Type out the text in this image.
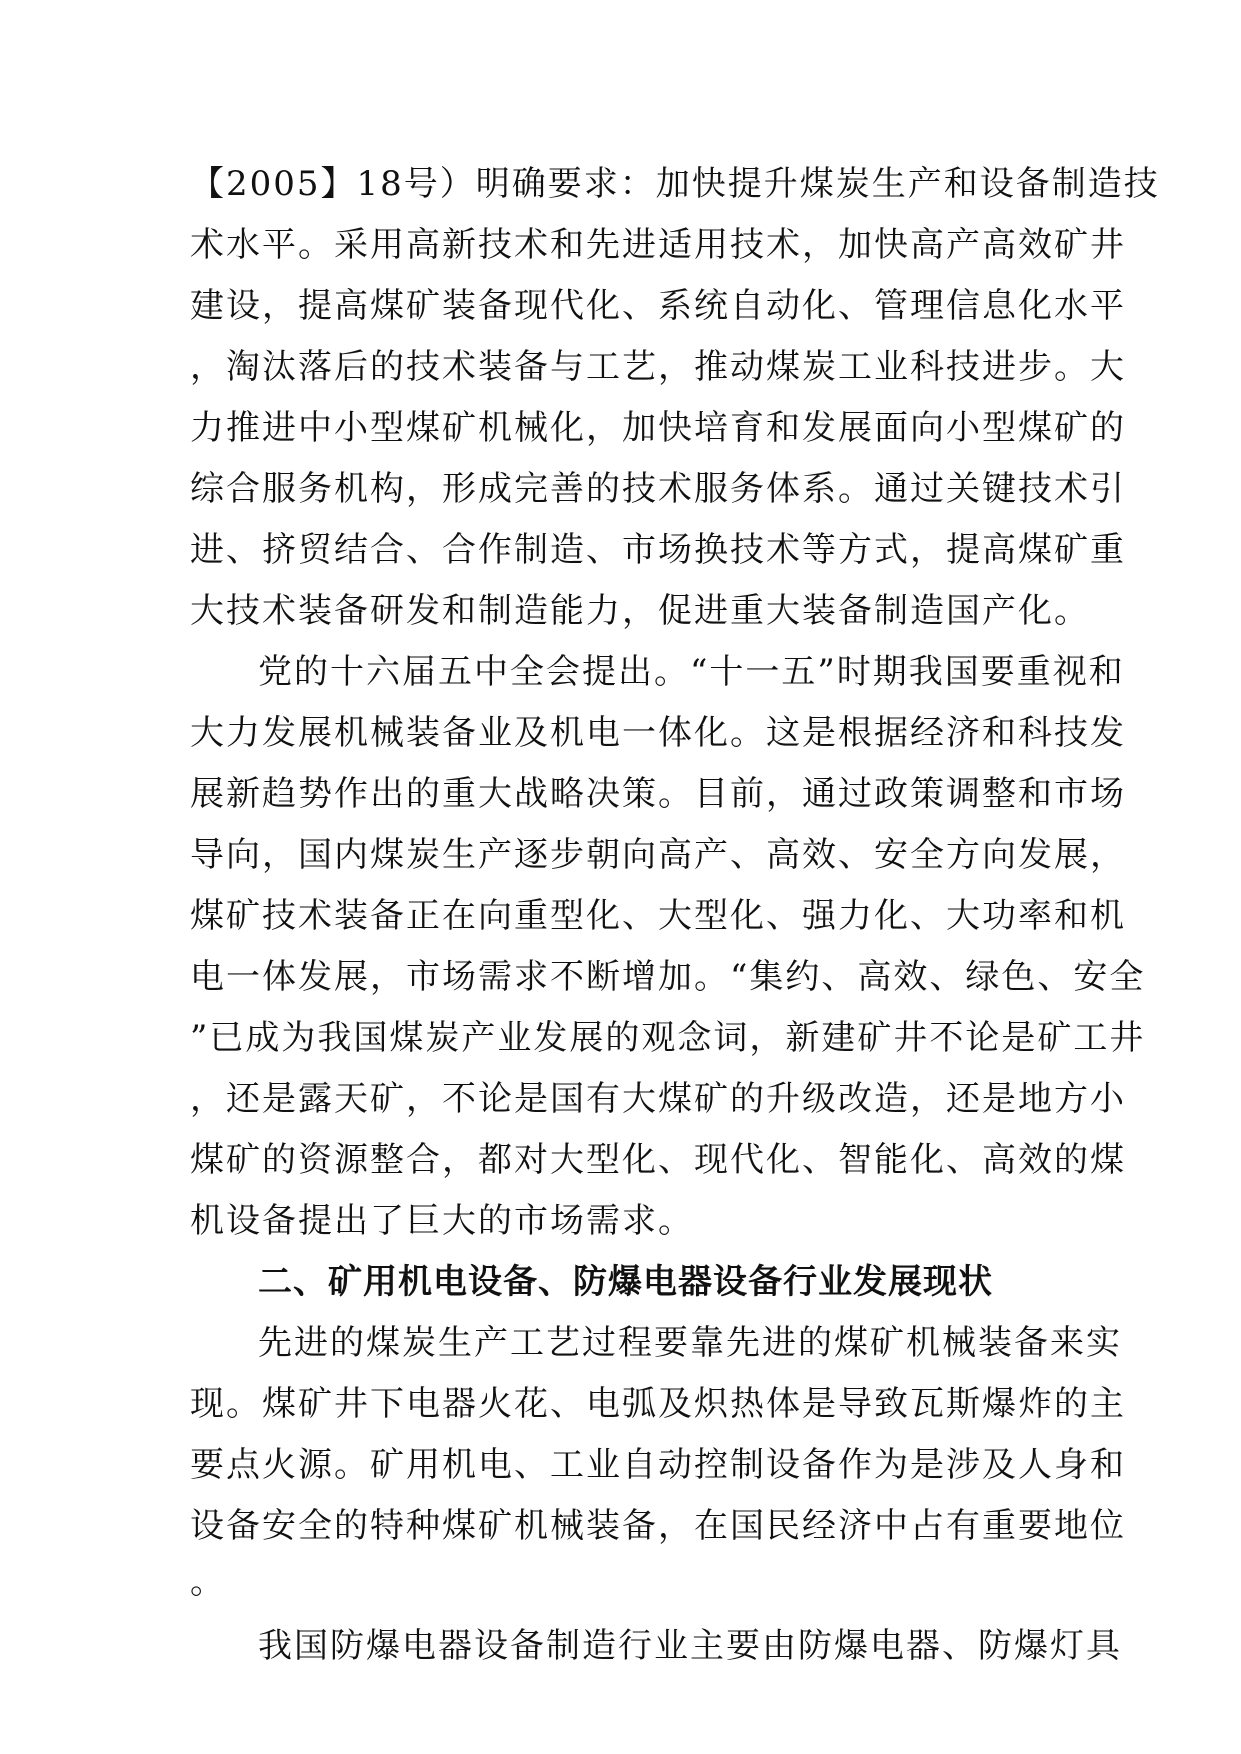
【2005】18号）明确要求：加快提升煤炭生产和设备制造技
术水平。采用高新技术和先进适用技术，加快高产高效矿井
建设，提高煤矿装备现代化、系统自动化、管理信息化水平
，淘汰落后的技术装备与工艺，推动煤炭工业科技进步。大
力推进中小型煤矿机械化，加快培育和发展面向小型煤矿的
综合服务机构，形成完善的技术服务体系。通过关键技术引
进、挤贸结合、合作制造、市场换技术等方式，提高煤矿重
大技术装备研发和制造能力，促进重大装备制造国产化。
党的十六届五中全会提出。“十一五”时期我国要重视和
大力发展机械装备业及机电一体化。这是根据经济和科技发
展新趋势作出的重大战略决策。目前，通过政策调整和市场
导向，国内煤炭生产逐步朝向高产、高效、安全方向发展，
煤矿技术装备正在向重型化、大型化、强力化、大功率和机
电一体发展，市场需求不断增加。“集约、高效、绿色、安全
”已成为我国煤炭产业发展的观念词，新建矿井不论是矿工井
，还是露天矿，不论是国有大煤矿的升级改造，还是地方小
煤矿的资源整合，都对大型化、现代化、智能化、高效的煤
机设备提出了巨大的市场需求。
二、矿用机电设备、防爆电器设备行业发展现状
先进的煤炭生产工艺过程要靠先进的煤矿机械装备来实
现。煤矿井下电器火花、电弧及炽热体是导致瓦斯爆炸的主
要点火源。矿用机电、工业自动控制设备作为是涉及人身和
设备安全的特种煤矿机械装备，在国民经济中占有重要地位
。
我国防爆电器设备制造行业主要由防爆电器、防爆灯具
